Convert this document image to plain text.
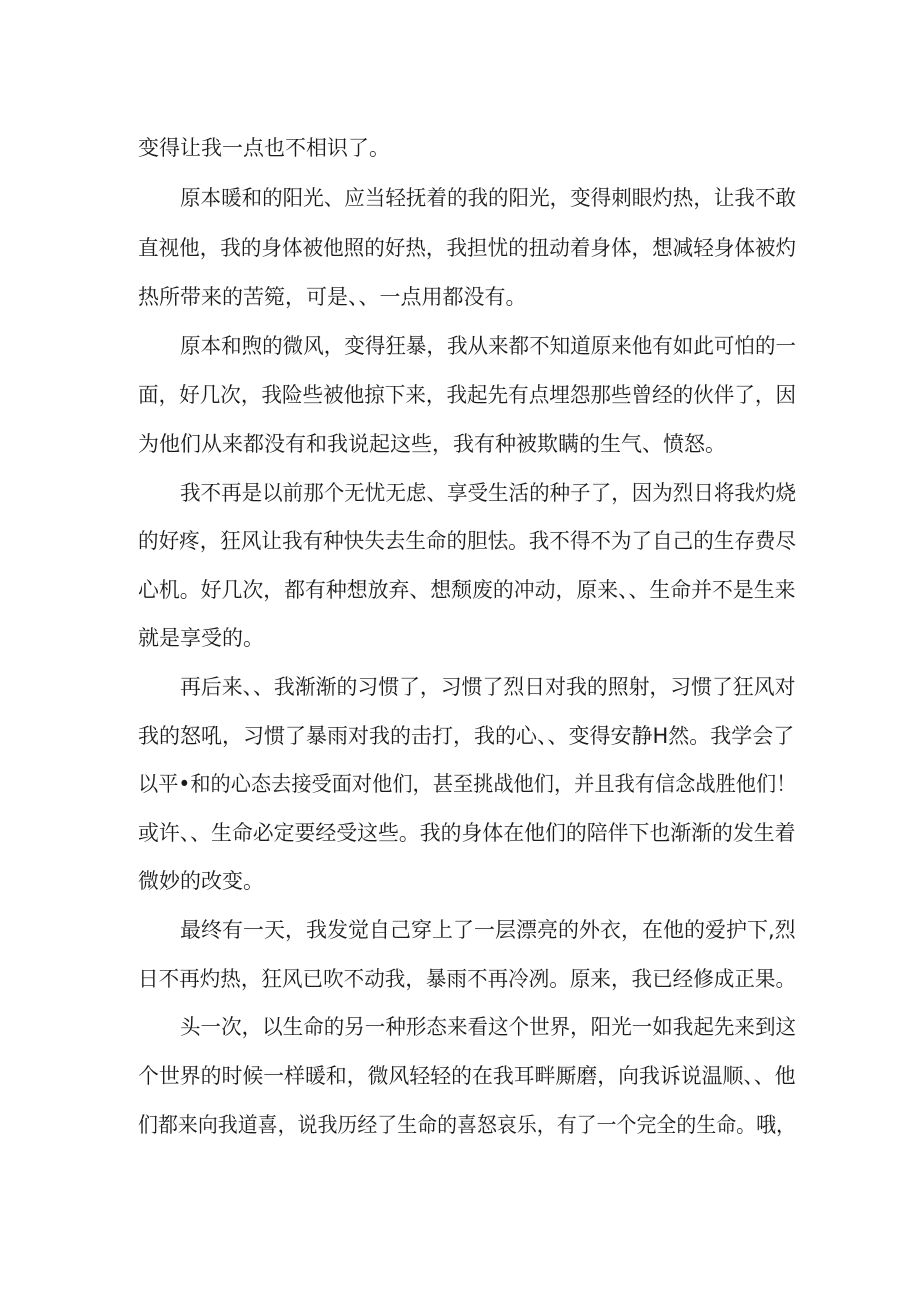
变得让我一点也不相识了。
原本暖和的阳光、应当轻抚着的我的阳光，变得刺眼灼热，让我不敢
直视他，我的身体被他照的好热，我担忧的扭动着身体，想减轻身体被灼
热所带来的苦箢，可是、、一点用都没有。
原本和煦的微风，变得狂暴，我从来都不知道原来他有如此可怕的一
面，好几次，我险些被他掠下来，我起先有点埋怨那些曾经的伙伴了，因
为他们从来都没有和我说起这些，我有种被欺瞒的生气、愤怒。
我不再是以前那个无忧无虑、享受生活的种子了，因为烈日将我灼烧
的好疼，狂风让我有种快失去生命的胆怯。我不得不为了自己的生存费尽
心机。好几次，都有种想放弃、想颓废的冲动，原来、、生命并不是生来
就是享受的。
再后来、、我渐渐的习惯了，习惯了烈日对我的照射，习惯了狂风对
我的怒吼，习惯了暴雨对我的击打，我的心、、变得安静H然。我学会了
以平•和的心态去接受面对他们，甚至挑战他们，并且我有信念战胜他们！
或许、、生命必定要经受这些。我的身体在他们的陪伴下也渐渐的发生着
微妙的改变。
最终有一天，我发觉自己穿上了一层漂亮的外衣，在他的爱护下,烈
日不再灼热，狂风已吹不动我，暴雨不再冷冽。原来，我已经修成正果。
头一次，以生命的另一种形态来看这个世界，阳光一如我起先来到这
个世界的时候一样暖和，微风轻轻的在我耳畔厮磨，向我诉说温顺、、他
们都来向我道喜，说我历经了生命的喜怒哀乐，有了一个完全的生命。哦，
